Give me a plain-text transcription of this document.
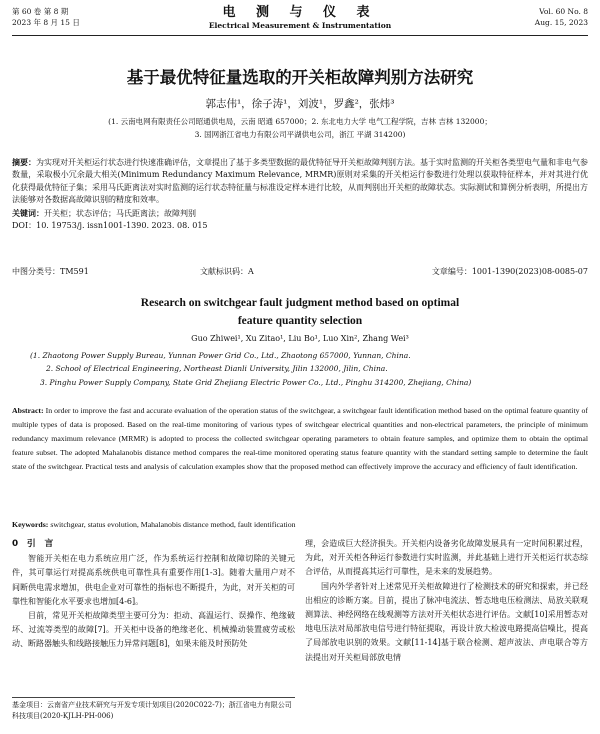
第 60 卷 第 8 期
2023 年 8 月 15 日
电 测 与 仪 表
Electrical Measurement & Instrumentation
Vol. 60 No. 8
Aug. 15, 2023
基于最优特征量选取的开关柜故障判别方法研究
郭志伟¹，徐子涛¹，刘波¹，罗鑫²，张炜³
(1. 云南电网有限责任公司昭通供电局，云南 昭通 657000；2. 东北电力大学 电气工程学院，吉林 吉林 132000；
3. 国网浙江省电力有限公司平湖供电公司，浙江 平湖 314200)
摘要：为实现对开关柜运行状态进行快速准确评估，文章提出了基于多类型数据的最优特征导开关柜故障判别方法。基于实时监测的开关柜各类型电气量和非电气参数量，采取极小冗余最大相关(Minimum Redundancy Maximum Relevance, MRMR)原则对采集的开关柜运行参数进行处理以获取特征样本，并对其进行优化获得最优特征子集；采用马氏距离法对实时监测的运行状态特征量与标准设定样本进行比较，从而判别出开关柜的故障状态。实际测试和算例分析表明，所提出方法能够对各数据高故障识别的精度和效率。
关键词：开关柜；状态评估；马氏距离法；故障判别
DOI：10. 19753/j. issn1001-1390. 2023. 08. 015
中图分类号：TM591	文献标识码：A	文章编号：1001-1390(2023)08-0085-07
Research on switchgear fault judgment method based on optimal feature quantity selection
Guo Zhiwei¹, Xu Zitao¹, Liu Bo¹, Luo Xin², Zhang Wei³
(1. Zhaotong Power Supply Bureau, Yunnan Power Grid Co., Ltd., Zhaotong 657000, Yunnan, China.
2. School of Electrical Engineering, Northeast Dianli University, Jilin 132000, Jilin, China.
3. Pinghu Power Supply Company, State Grid Zhejiang Electric Power Co., Ltd., Pinghu 314200, Zhejiang, China)
Abstract: In order to improve the fast and accurate evaluation of the operation status of the switchgear, a switchgear fault identification method based on the optimal feature quantity of multiple types of data is proposed. Based on the real-time monitoring of various types of switchgear electrical quantities and non-electrical parameters, the principle of minimum redundancy maximum relevance (MRMR) is adopted to process the collected switchgear operating parameters to obtain feature samples, and optimize them to obtain the optimal feature subset. The adopted Mahalanobis distance method compares the real-time monitored operating status feature quantity with the standard setting sample to determine the fault state of the switchgear. Practical tests and analysis of calculation examples show that the proposed method can effectively improve the accuracy and efficiency of fault identification.
Keywords: switchgear, status evolution, Mahalanobis distance method, fault identification
0　引　言

智能开关柜在电力系统应用广泛，作为系统运行控制和故障切除的关键元件，其可靠运行对提高系统供电可靠性具有重要作用[1-3]。随着大量用户对不间断供电需求增加，供电企业对可靠性的指标也不断提升，为此，对开关柜的可靠性和智能化水平要求也增加[4-6]。

目前，常见开关柜故障类型主要可分为：拒动、高温运行、误操作、绝缘破坏、过流等类型的故障[7]。开关柜中设备的绝缘老化、机械操动装置疲劳或松动、断路器触头和线路接触压力异常问题[8]，如果未能及时预防处

理，会造成巨大经济损失。开关柜内设备劣化故障发展具有一定时间积累过程，为此，对开关柜各种运行参数进行实时监测，并此基础上进行开关柜运行状态综合评估，从而提高其运行可靠性，是未来的发展趋势。

国内外学者针对上述常见开关柜故障进行了检测技术的研究和探索，并已经出相应的诊断方案。目前，提出了脉冲电流法、暂态地电压检测法、局放关联观测算法、神经网络在线观测等方法对开关柜状态进行评估。文献[10]采用暂态对地电压法对局部放电信号进行特征提取，再设计放大检波电路提高信噪比，提高了局部放电识别的效果。文献[11-14]基于联合检测、超声波法、声电联合等方法提出对开关柜局部放电情

基金项目：云南省产业技术研究与开发专项计划项目(2020C022-7)；浙江省电力有限公司科技项目(2020-KJLH-PH-006)
